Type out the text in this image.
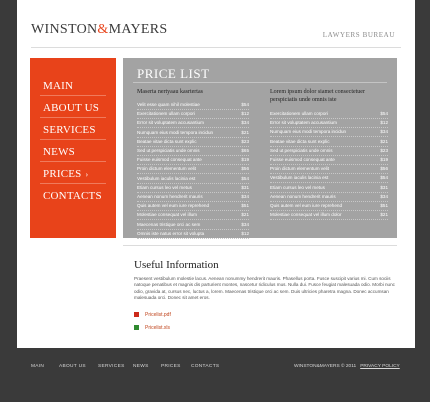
WINSTON&MAYERS	LAWYERS BUREAU
MAIN
ABOUT US
SERVICES
NEWS
PRICES ›
CONTACTS
PRICE LIST
Maserta nertyaau kasrtertas	Lorem ipsum dolor siamet consectetuer perspiciatis unde omnis iste
Velit esse quam nihil molestiae	$54
Exercitationem ullam corpori	$12
Error sit voluptatem accusantium	$34
Numquam eius modi tempora incidun	$21
Beatae vitae dicta sunt explic	$23
Sed ut perspiciatis unde omnis	$65
Fuisse euismod consequat ante	$19
Proin dictum elementum velit	$56
Vestibulum iaculis lacinia est	$54
Etiam cursus leo vel metus	$31
Aenean nonum hendrerit mauris	$34
Quis autem vel eum iure reprehend	$51
Molestiae consequat vel illum	$21
Maecenas tristique orci ac sem	$34
Omnis iste natus error sit volupta	$12
Exercitationem ullam corpori	$54
Error sit voluptatem accusantium	$12
Numquam eius modi tempora incidun	$34
Beatae vitae dicta sunt explic	$21
Sed ut perspiciatis unde omnis	$23
Fuisse euismod consequat ante	$19
Proin dictum elementum velit	$56
Vestibulum iaculis lacinia est	$54
Etiam cursus leo vel metus	$31
Aenean nonum hendrerit mauris	$34
Quis autem vel eum iure reprehend	$51
Molestiae consequat vel illum dolor	$21
Useful Information
Praesent vestibulum molestie lacus. Aenean nonummy hendrerit mauris. Phasellus porta. Fusce suscipit varius mi. Cum sociis natoque penatibus et magnis dis parturient montes, nascetur ridiculus mus. Nulla dui. Fusce feugiat malesuada odio. Morbi nunc odio, gravida at, cursus nec, luctus a, lorem. Maecenas tristique orci ac sem. Duis ultricies pharetra magna. Donec accumsan malesuada orci. Donec sit amet eros.
Pricelist.pdf
Pricelist.xls
MAIN	ABOUT US	SERVICES NEWS	PRICES CONTACTS	WINSTON&MAYERS © 2011 PRIVACY POLICY
